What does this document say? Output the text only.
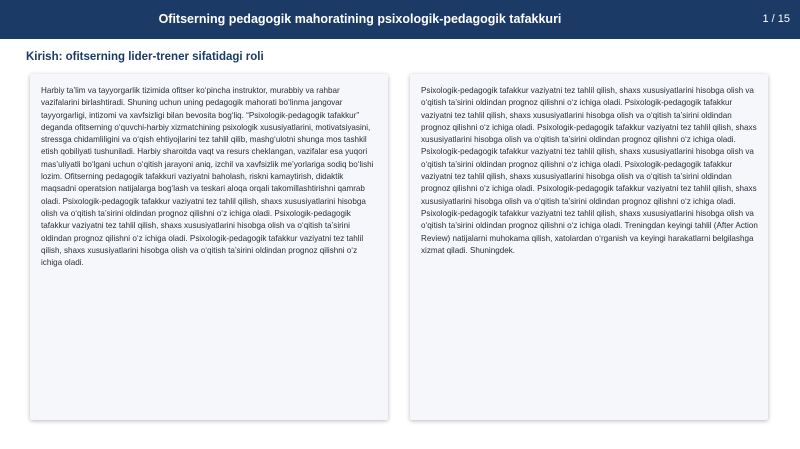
Ofitserning pedagogik mahoratining psixologik-pedagogik tafakkuri	1 / 15
Kirish: ofitserning lider-trener sifatidagi roli

Harbiy ta’lim va tayyorgarlik tizimida ofitser ko‘pincha instruktor, murabbiy va rahbar vazifalarini birlashtiradi. Shuning uchun uning pedagogik mahorati bo‘linma jangovar tayyorgarligi, intizomi va xavfsizligi bilan bevosita bog‘liq. “Psixologik-pedagogik tafakkur” deganda ofitserning o‘quvchi-harbiy xizmatchining psixologik xususiyatlarini, motivatsiyasini, stressga chidamliligini va o‘qish ehtiyojlarini tez tahlil qilib, mashg‘ulotni shunga mos tashkil etish qobiliyati tushuniladi. Harbiy sharoitda vaqt va resurs cheklangan, vazifalar esa yuqori mas’uliyatli bo‘lgani uchun o‘qitish jarayoni aniq, izchil va xavfsizlik me’yorlariga sodiq bo‘lishi lozim. Ofitserning pedagogik tafakkuri vaziyatni baholash, riskni kamaytirish, didaktik maqsadni operatsion natijalarga bog‘lash va teskari aloqa orqali takomillashtirishni qamrab oladi. Psixologik-pedagogik tafakkur vaziyatni tez tahlil qilish, shaxs xususiyatlarini hisobga olish va o‘qitish ta’sirini oldindan prognoz qilishni o‘z ichiga oladi. Psixologik-pedagogik tafakkur vaziyatni tez tahlil qilish, shaxs xususiyatlarini hisobga olish va o‘qitish ta’sirini oldindan prognoz qilishni o‘z ichiga oladi. Psixologik-pedagogik tafakkur vaziyatni tez tahlil qilish, shaxs xususiyatlarini hisobga olish va o‘qitish ta’sirini oldindan prognoz qilishni o‘z ichiga oladi.

Psixologik-pedagogik tafakkur vaziyatni tez tahlil qilish, shaxs xususiyatlarini hisobga olish va o‘qitish ta’sirini oldindan prognoz qilishni o‘z ichiga oladi. Psixologik-pedagogik tafakkur vaziyatni tez tahlil qilish, shaxs xususiyatlarini hisobga olish va o‘qitish ta’sirini oldindan prognoz qilishni o‘z ichiga oladi. Psixologik-pedagogik tafakkur vaziyatni tez tahlil qilish, shaxs xususiyatlarini hisobga olish va o‘qitish ta’sirini oldindan prognoz qilishni o‘z ichiga oladi. Psixologik-pedagogik tafakkur vaziyatni tez tahlil qilish, shaxs xususiyatlarini hisobga olish va o‘qitish ta’sirini oldindan prognoz qilishni o‘z ichiga oladi. Psixologik-pedagogik tafakkur vaziyatni tez tahlil qilish, shaxs xususiyatlarini hisobga olish va o‘qitish ta’sirini oldindan prognoz qilishni o‘z ichiga oladi. Psixologik-pedagogik tafakkur vaziyatni tez tahlil qilish, shaxs xususiyatlarini hisobga olish va o‘qitish ta’sirini oldindan prognoz qilishni o‘z ichiga oladi. Psixologik-pedagogik tafakkur vaziyatni tez tahlil qilish, shaxs xususiyatlarini hisobga olish va o‘qitish ta’sirini oldindan prognoz qilishni o‘z ichiga oladi. Treningdan keyingi tahlil (After Action Review) natijalarni muhokama qilish, xatolardan o‘rganish va keyingi harakatlarni belgilashga xizmat qiladi. Shuningdek.
